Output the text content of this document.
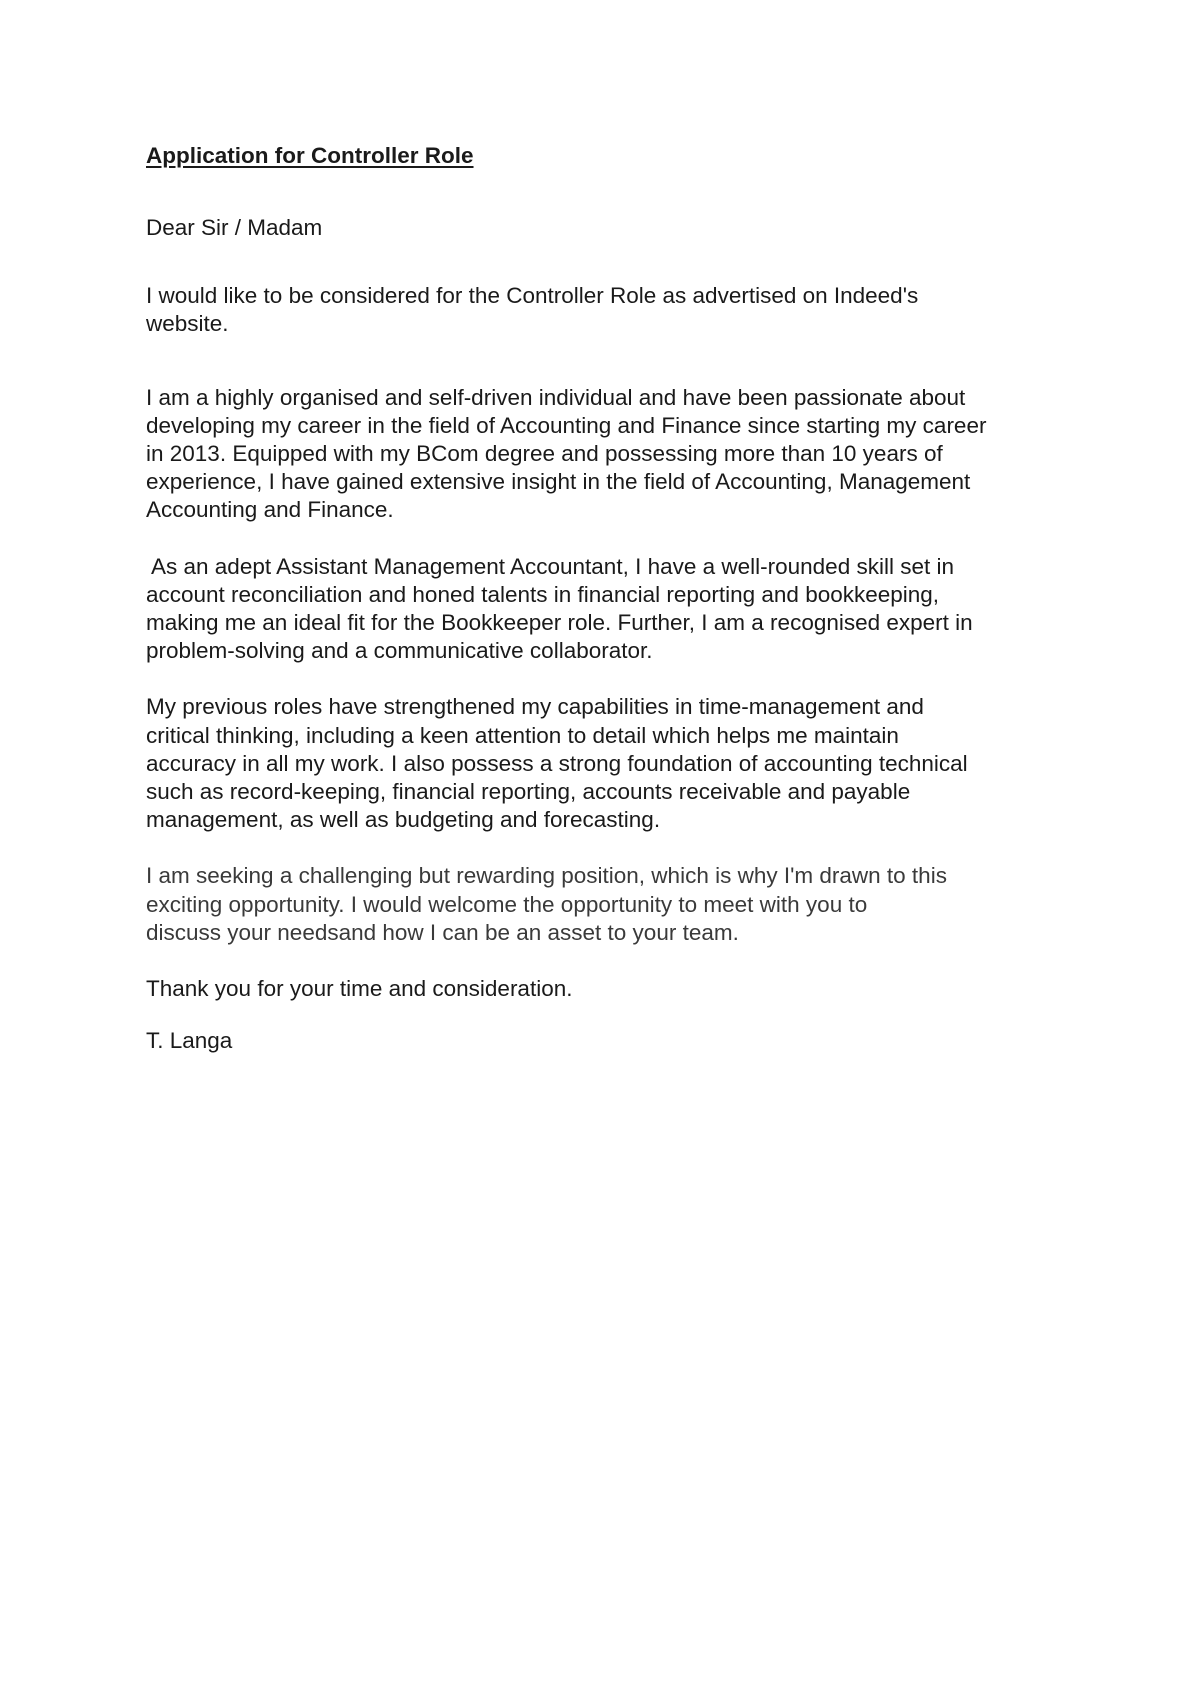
Application for Controller Role

Dear Sir / Madam

I would like to be considered for the Controller Role as advertised on Indeed's
website.

I am a highly organised and self-driven individual and have been passionate about
developing my career in the field of Accounting and Finance since starting my career
in 2013. Equipped with my BCom degree and possessing more than 10 years of
experience, I have gained extensive insight in the field of Accounting, Management
Accounting and Finance.

As an adept Assistant Management Accountant, I have a well-rounded skill set in
account reconciliation and honed talents in financial reporting and bookkeeping,
making me an ideal fit for the Bookkeeper role. Further, I am a recognised expert in
problem-solving and a communicative collaborator.

My previous roles have strengthened my capabilities in time-management and
critical thinking, including a keen attention to detail which helps me maintain
accuracy in all my work. I also possess a strong foundation of accounting technical
such as record-keeping, financial reporting, accounts receivable and payable
management, as well as budgeting and forecasting.

I am seeking a challenging but rewarding position, which is why I'm drawn to this
exciting opportunity. I would welcome the opportunity to meet with you to
discuss your needsand how I can be an asset to your team.

Thank you for your time and consideration.

T. Langa
